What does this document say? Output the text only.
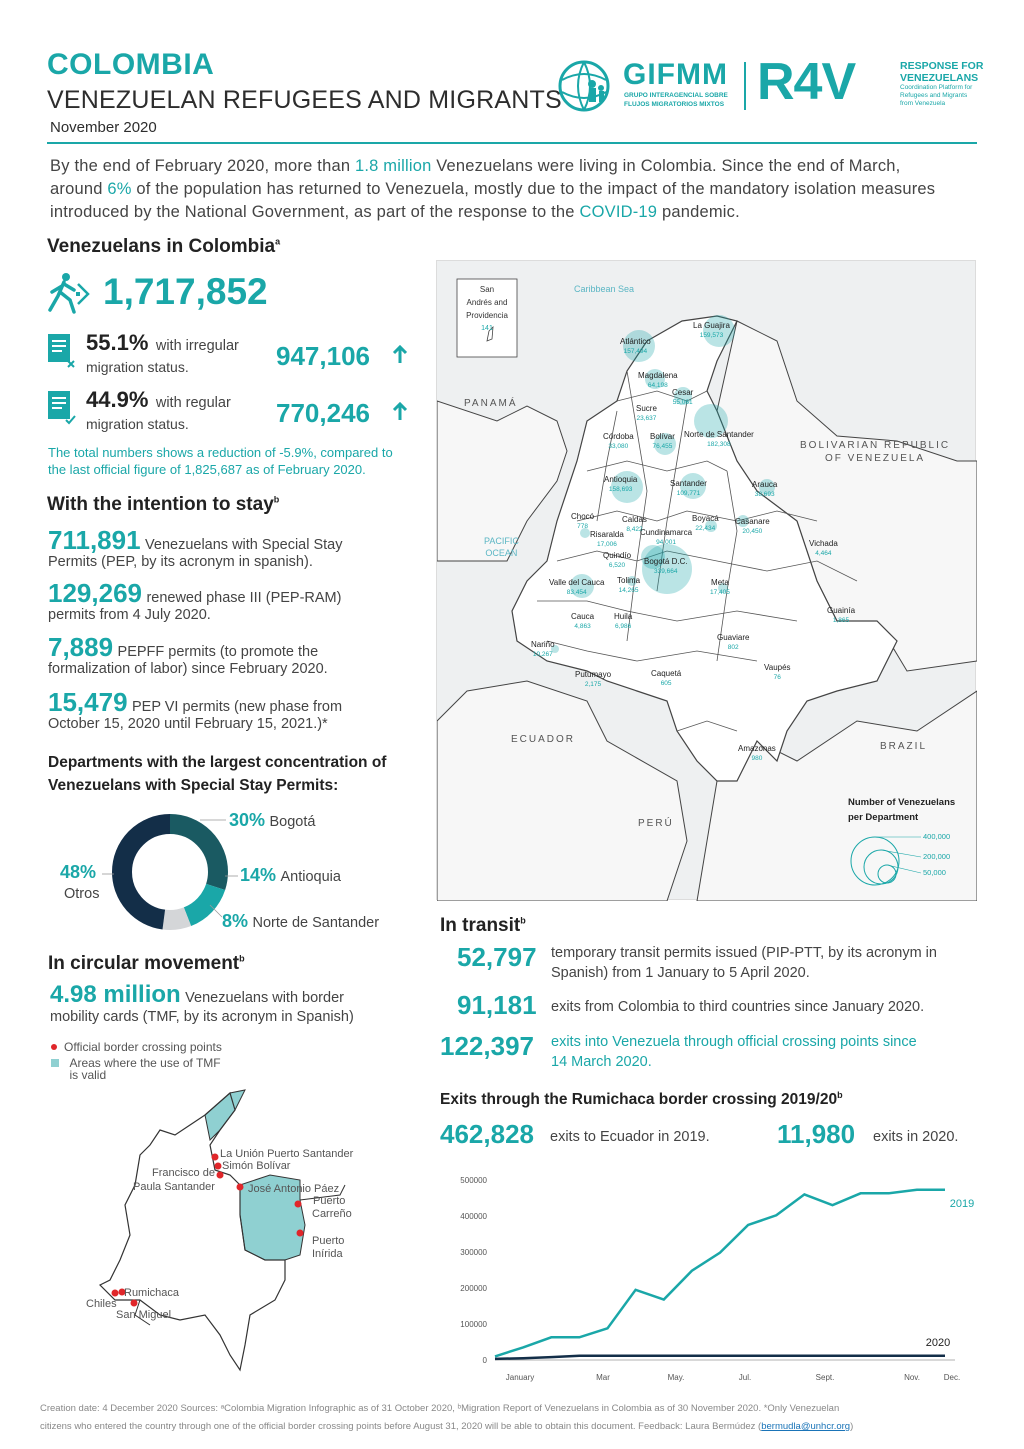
COLOMBIA
VENEZUELAN REFUGEES AND MIGRANTS
November 2020
GIFMM
GRUPO INTERAGENCIAL SOBRE
FLUJOS MIGRATORIOS MIXTOS R4V	RESPONSE FOR
VENEZUELANS
Coordination Platform for
Refugees and Migrants
from Venezuela
By the end of February 2020, more than 1.8 million Venezuelans were living in Colombia. Since the end of March,
around 6% of the population has returned to Venezuela, mostly due to the impact of the mandatory isolation measures
introduced by the National Government, as part of the response to the COVID-19 pandemic.
Venezuelans in Colombia$^a$
1,717,852
55.1% with irregular
migration status.	947,106
44.9% with regular
migration status.	770,246
The total numbers shows a reduction of -5.9%, compared to
the last official figure of 1,825,687 as of February 2020.
With the intention to stay$^b$
711,891 Venezuelans with Special Stay
Permits (PEP, by its acronym in spanish).
129,269 renewed phase III (PEP-RAM)
permits from 4 July 2020.
7,889 PEPFF permits (to promote the
formalization of labor) since February 2020.
15,479 PEP VI permits (new phase from
October 15, 2020 until February 15, 2021.)*
Departments with the largest concentration of
Venezuelans with Special Stay Permits:
30% Bogotá
14% Antioquia
8% Norte de Santander
48%
Otros
In circular movement$^b$
4.98 million Venezuelans with border
mobility cards (TMF, by its acronym in Spanish)
Official border crossing points
Areas where the use of TMF
is valid
La Unión Puerto Santander
Simón Bolívar
Francisco de
Paula Santander	José Antonio Páez
Puerto
Carreño
Puerto
Inírida
Rumichaca
Chiles
San Miguel
Caribbean Sea
San
Andrés and
Providencia
141
PANAMÁ
BOLIVARIAN REPUBLIC
OF VENEZUELA
PACIFIC
OCEAN
ECUADOR
PERÚ
BRAZIL
La Guajira
159,573
Atlántico
157,494
Magdalena
64,198
Cesar
55,061
Sucre
23,637
Córdoba
33,080
Bolívar
76,455
Norte de Santander
182,308
Antioquia
158,693
Santander
109,771
Arauca
38,693
Chocó
778
Caldas
8,422
Boyacá
22,434
Casanare
20,450
Vichada
4,464
Risaralda
17,006
Cundinamarca
94,001
Quindío
6,520	Bogotá D.C.
339,664
Valle del Cauca
83,454
Tolima
14,265
Meta
17,405
Guainía
1,865
Cauca
4,863
Huila
6,986
Guaviare
802
Nariño
10,267
Vaupés
76
Putumayo
2,175
Caquetá
605
Amazonas
980
Number of Venezuelans
per Department
400,000
200,000
50,000
In transit$^b$
52,797 temporary transit permits issued (PIP-PTT, by its acronym in
Spanish) from 1 January to 5 April 2020.
91,181 exits from Colombia to third countries since January 2020.
122,397 exits into Venezuela through official crossing points since
14 March 2020.
Exits through the Rumichaca border crossing 2019/20$^b$
462,828 exits to Ecuador in 2019.	11,980 exits in 2020.
0
100000
200000
300000
400000
500000
January	Mar	May.	Jul.	Sept.	Nov.	Dec.
2019
2020
Creation date: 4 December 2020 Sources: ᵃColombia Migration Infographic as of 31 October 2020, ᵇMigration Report of Venezuelans in Colombia as of 30 November 2020. *Only Venezuelan
citizens who entered the country through one of the official border crossing points before August 31, 2020 will be able to obtain this document. Feedback: Laura Bermúdez (bermudla@unhcr.org)
